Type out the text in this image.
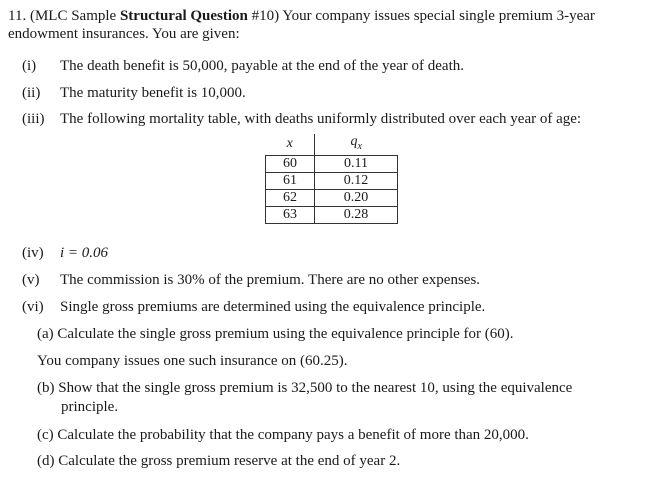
11. (MLC Sample Structural Question #10) Your company issues special single premium 3-year endowment insurances. You are given:
(i) The death benefit is 50,000, payable at the end of the year of death.
(ii) The maturity benefit is 10,000.
(iii) The following mortality table, with deaths uniformly distributed over each year of age:
x	$q_x$
60	0.11
61	0.12
62	0.20
63	0.28
(iv) i = 0.06
(v) The commission is 30% of the premium. There are no other expenses.
(vi) Single gross premiums are determined using the equivalence principle.
(a) Calculate the single gross premium using the equivalence principle for (60).
You company issues one such insurance on (60.25).
(b) Show that the single gross premium is 32,500 to the nearest 10, using the equivalence
principle.
(c) Calculate the probability that the company pays a benefit of more than 20,000.
(d) Calculate the gross premium reserve at the end of year 2.
